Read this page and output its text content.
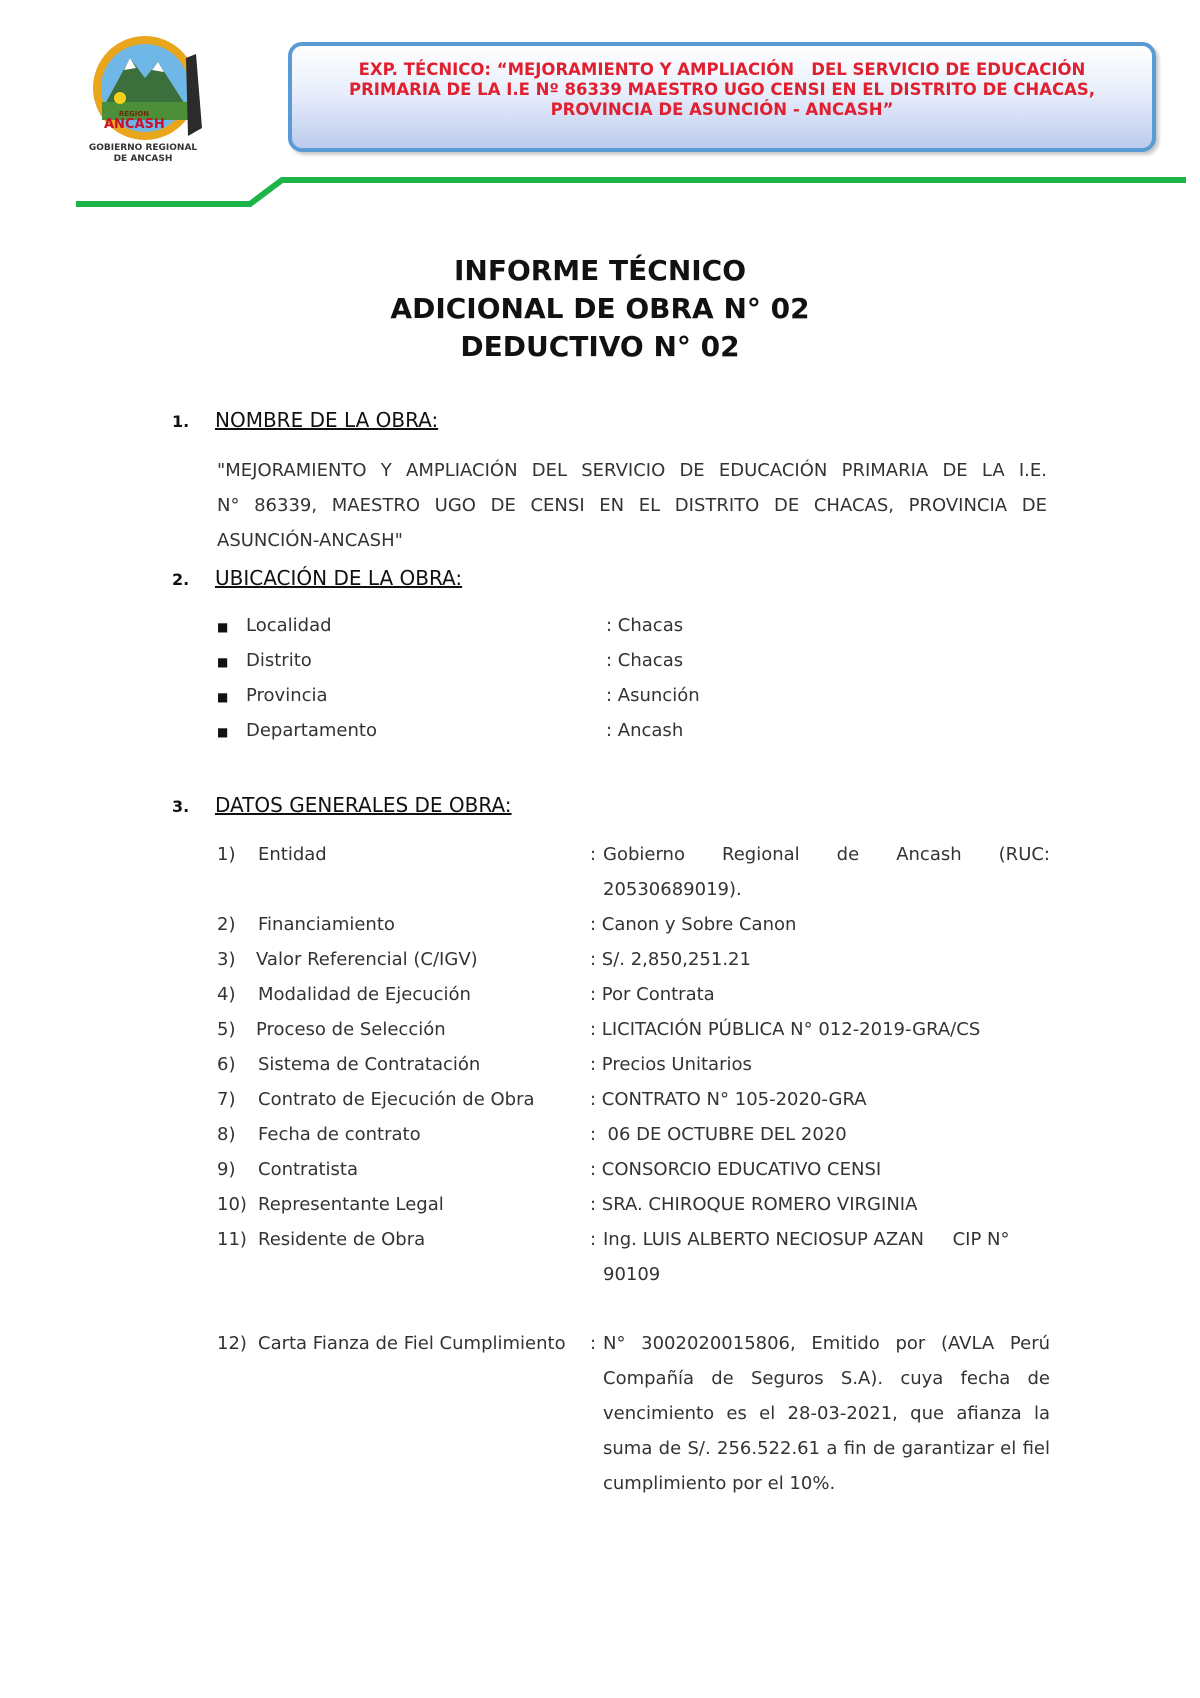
REGION
ANCASH
GOBIERNO REGIONAL
DE ANCASH
EXP. TÉCNICO: “MEJORAMIENTO Y AMPLIACIÓN   DEL SERVICIO DE EDUCACIÓN
PRIMARIA DE LA I.E Nº 86339 MAESTRO UGO CENSI EN EL DISTRITO DE CHACAS,
PROVINCIA DE ASUNCIÓN - ANCASH”
INFORME TÉCNICO
ADICIONAL DE OBRA N° 02
DEDUCTIVO N° 02
1. NOMBRE DE LA OBRA:
"MEJORAMIENTO Y AMPLIACIÓN DEL SERVICIO DE EDUCACIÓN PRIMARIA DE LA I.E.
N° 86339, MAESTRO UGO DE CENSI EN EL DISTRITO DE CHACAS, PROVINCIA DE
ASUNCIÓN-ANCASH"
2. UBICACIÓN DE LA OBRA:
■ Localidad	: Chacas
■ Distrito	: Chacas
■ Provincia	: Asunción
■ Departamento	: Ancash
3. DATOS GENERALES DE OBRA:
1) Entidad	: Gobierno Regional de Ancash (RUC:
20530689019).
2) Financiamiento	: Canon y Sobre Canon
3) Valor Referencial (C/IGV)	: S/. 2,850,251.21
4) Modalidad de Ejecución	: Por Contrata
5) Proceso de Selección	: LICITACIÓN PÚBLICA N° 012-2019-GRA/CS
6) Sistema de Contratación	: Precios Unitarios
7) Contrato de Ejecución de Obra	: CONTRATO N° 105-2020-GRA
8) Fecha de contrato	:  06 DE OCTUBRE DEL 2020
9) Contratista	: CONSORCIO EDUCATIVO CENSI
10) Representante Legal	: SRA. CHIROQUE ROMERO VIRGINIA
11) Residente de Obra	: Ing. LUIS ALBERTO NECIOSUP AZAN     CIP N°
90109
12) Carta Fianza de Fiel Cumplimiento : N° 3002020015806, Emitido por (AVLA Perú Compañía de Seguros S.A). cuya fecha de vencimiento es el 28-03-2021, que afianza la suma de S/. 256.522.61 a fin de garantizar el fiel cumplimiento por el 10%.
